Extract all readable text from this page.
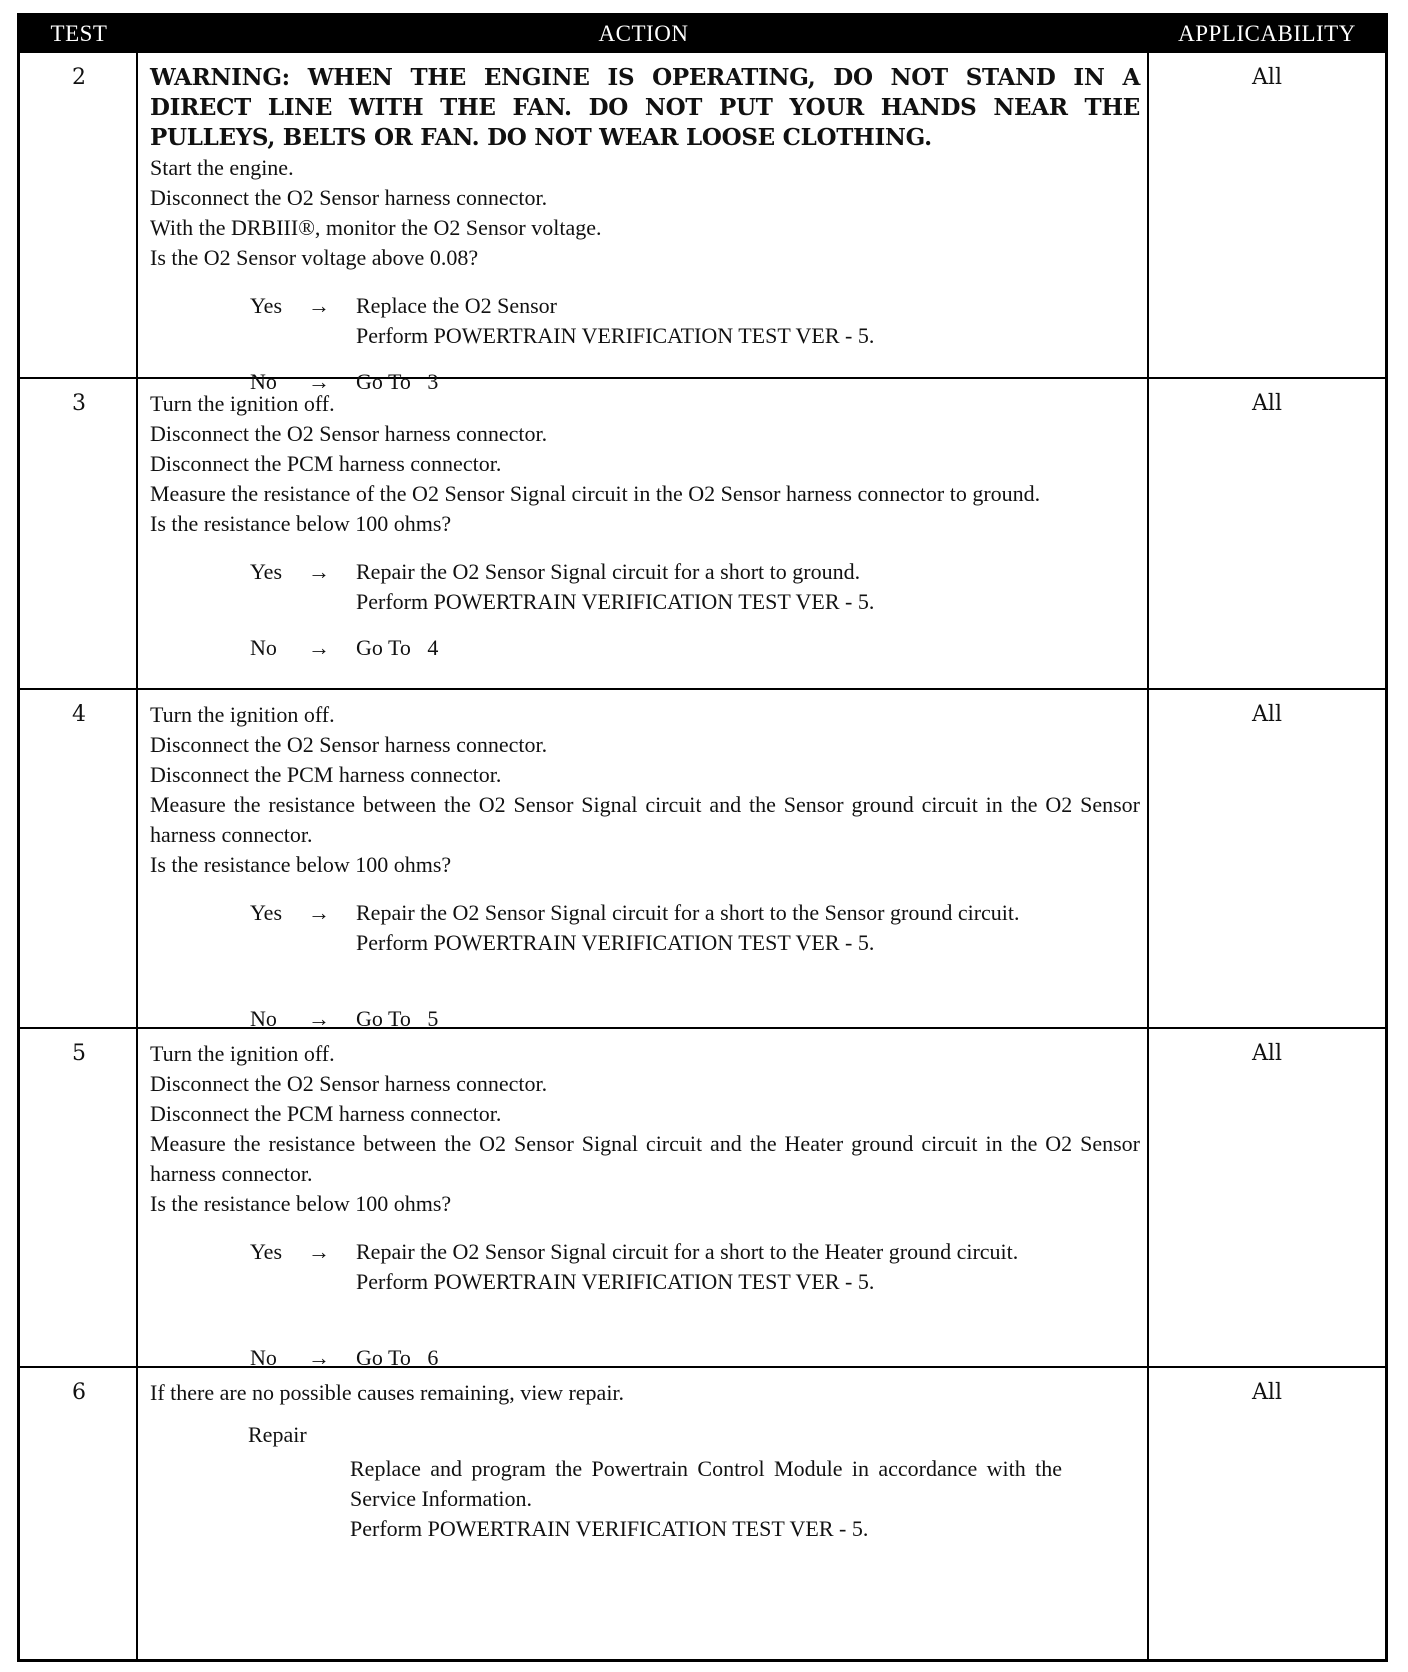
TEST	ACTION	APPLICABILITY
2	WARNING: WHEN THE ENGINE IS OPERATING, DO NOT STAND IN A DIRECT LINE WITH THE FAN. DO NOT PUT YOUR HANDS NEAR THE PULLEYS, BELTS OR FAN. DO NOT WEAR LOOSE CLOTHING.
Start the engine.
Disconnect the O2 Sensor harness connector.
With the DRBIII®, monitor the O2 Sensor voltage.
Is the O2 Sensor voltage above 0.08?
Yes → Replace the O2 Sensor
Perform POWERTRAIN VERIFICATION TEST VER - 5.
No → Go To   3
All
3	Turn the ignition off.
Disconnect the O2 Sensor harness connector.
Disconnect the PCM harness connector.
Measure the resistance of the O2 Sensor Signal circuit in the O2 Sensor harness connector to ground.
Is the resistance below 100 ohms?
Yes → Repair the O2 Sensor Signal circuit for a short to ground.
Perform POWERTRAIN VERIFICATION TEST VER - 5.
No → Go To   4
All
4	Turn the ignition off.
Disconnect the O2 Sensor harness connector.
Disconnect the PCM harness connector.
Measure the resistance between the O2 Sensor Signal circuit and the Sensor ground circuit in the O2 Sensor harness connector.
Is the resistance below 100 ohms?
Yes → Repair the O2 Sensor Signal circuit for a short to the Sensor ground circuit.
Perform POWERTRAIN VERIFICATION TEST VER - 5.
No → Go To   5
All
5	Turn the ignition off.
Disconnect the O2 Sensor harness connector.
Disconnect the PCM harness connector.
Measure the resistance between the O2 Sensor Signal circuit and the Heater ground circuit in the O2 Sensor harness connector.
Is the resistance below 100 ohms?
Yes → Repair the O2 Sensor Signal circuit for a short to the Heater ground circuit.
Perform POWERTRAIN VERIFICATION TEST VER - 5.
No → Go To   6
All
6	If there are no possible causes remaining, view repair.
Repair
Replace and program the Powertrain Control Module in accordance with the Service Information.
Perform POWERTRAIN VERIFICATION TEST VER - 5.
All
